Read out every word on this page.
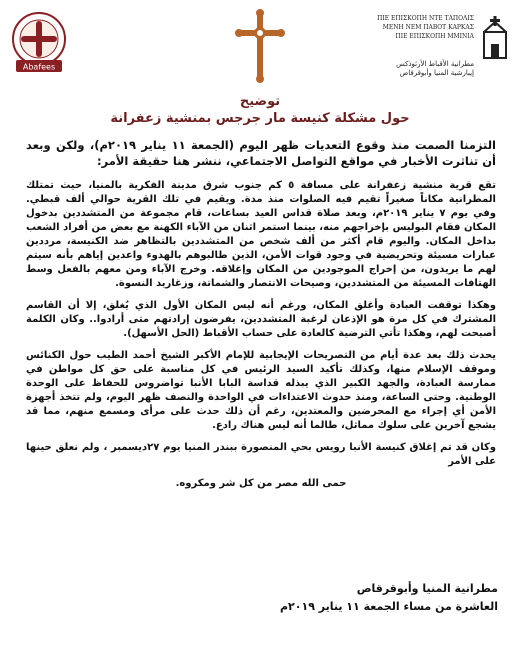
Abafees
ΠΙΕ ΕΠΙΣΚΟΠΗ ΝΤΕ ΤΑΠΟΛΙΣ
ΜΕΝΗ ΝΕΜ ΠΑΒΟΤ ΚΑΡΚΑΣ
ΠΙΕ ΕΠΙΣΚΟΠΗ ΜΜΙΝΙΑ
مطرانية الأقباط الأرثوذكس
إيبارشية المنيا وأبوقرقاص
توضيح
حول مشكلة كنيسة مار جرجس بمنشية زعفرانة

التزمنا الصمت منذ وقوع التعديات ظهر اليوم (الجمعة ١١ يناير ٢٠١٩م)، ولكن وبعد أن تناثرت الأخبار في مواقع التواصل الاجتماعي، ننشر هنا حقيقة الأمر:

تقع قرية منشية زعفرانة على مسافة ٥ كم جنوب شرق مدينة الفكرية بالمنيا، حيث تمتلك المطرانية مكاناً صغيراً تقيم فيه الصلوات منذ مدة. ويقيم في تلك القرية حوالي ألف قبطي. وفي يوم ٧ يناير ٢٠١٩م، وبعد صلاة قداس العيد بساعات، قام مجموعة من المتشددين بدخول المكان فقام البوليس بإخراجهم منه، بينما استمر اثنان من الآباء الكهنة مع بعض من أفراد الشعب بداخل المكان. واليوم قام أكثر من ألف شخص من المتشددين بالتظاهر ضد الكنيسة، مرددين عبارات مسيئة وتحريضية في وجود قوات الأمن، الذين طالبوهم بالهدوء واعدين إياهم بأنه سيتم لهم ما يريدون، من إخراج الموجودين من المكان وإغلاقه. وخرج الآباء ومن معهم بالفعل وسط الهتافات المسيئة من المتشددين، وصيحات الانتصار والشماتة، وزغاريد النسوة.

وهكذا توقفت العبادة وأغلق المكان، ورغم أنه ليس المكان الأول الذي يُغلق، إلا أن القاسم المشترك في كل مرة هو الإذعان لرغبة المتشددين، يفرضون إرادتهم متى أرادوا.. وكان الكلمة أصبحت لهم، وهكذا تأتي الترضية كالعادة على حساب الأقباط (الحل الأسهل).

يحدث ذلك بعد عدة أيام من التصريحات الإيجابية للإمام الأكبر الشيخ أحمد الطيب حول الكنائس وموقف الإسلام منها، وكذلك تأكيد السيد الرئيس في كل مناسبة على حق كل مواطن في ممارسة العبادة، والجهد الكبير الذي يبذله قداسة البابا الأنبا تواضروس للحفاظ على الوحدة الوطنية. وحتى الساعة، ومنذ حدوث الاعتداءات في الواحدة والنصف ظهر اليوم، ولم تتخذ أجهزة الأمن أي إجراء مع المحرضين والمعتدين، رغم أن ذلك حدث على مرأى ومسمع منهم، مما قد يشجع آخرين على سلوك مماثل، طالما أنه ليس هناك رادع.

وكان قد تم إغلاق كنيسة الأنبا رويس بحي المنصورة ببندر المنيا يوم ٢٧ديسمبر ، ولم نعلق حينها على الأمر

حمى الله مصر من كل شر ومكروه.

مطرانية المنيا وأبوقرقاص
العاشرة من مساء الجمعة ١١ يناير ٢٠١٩م
